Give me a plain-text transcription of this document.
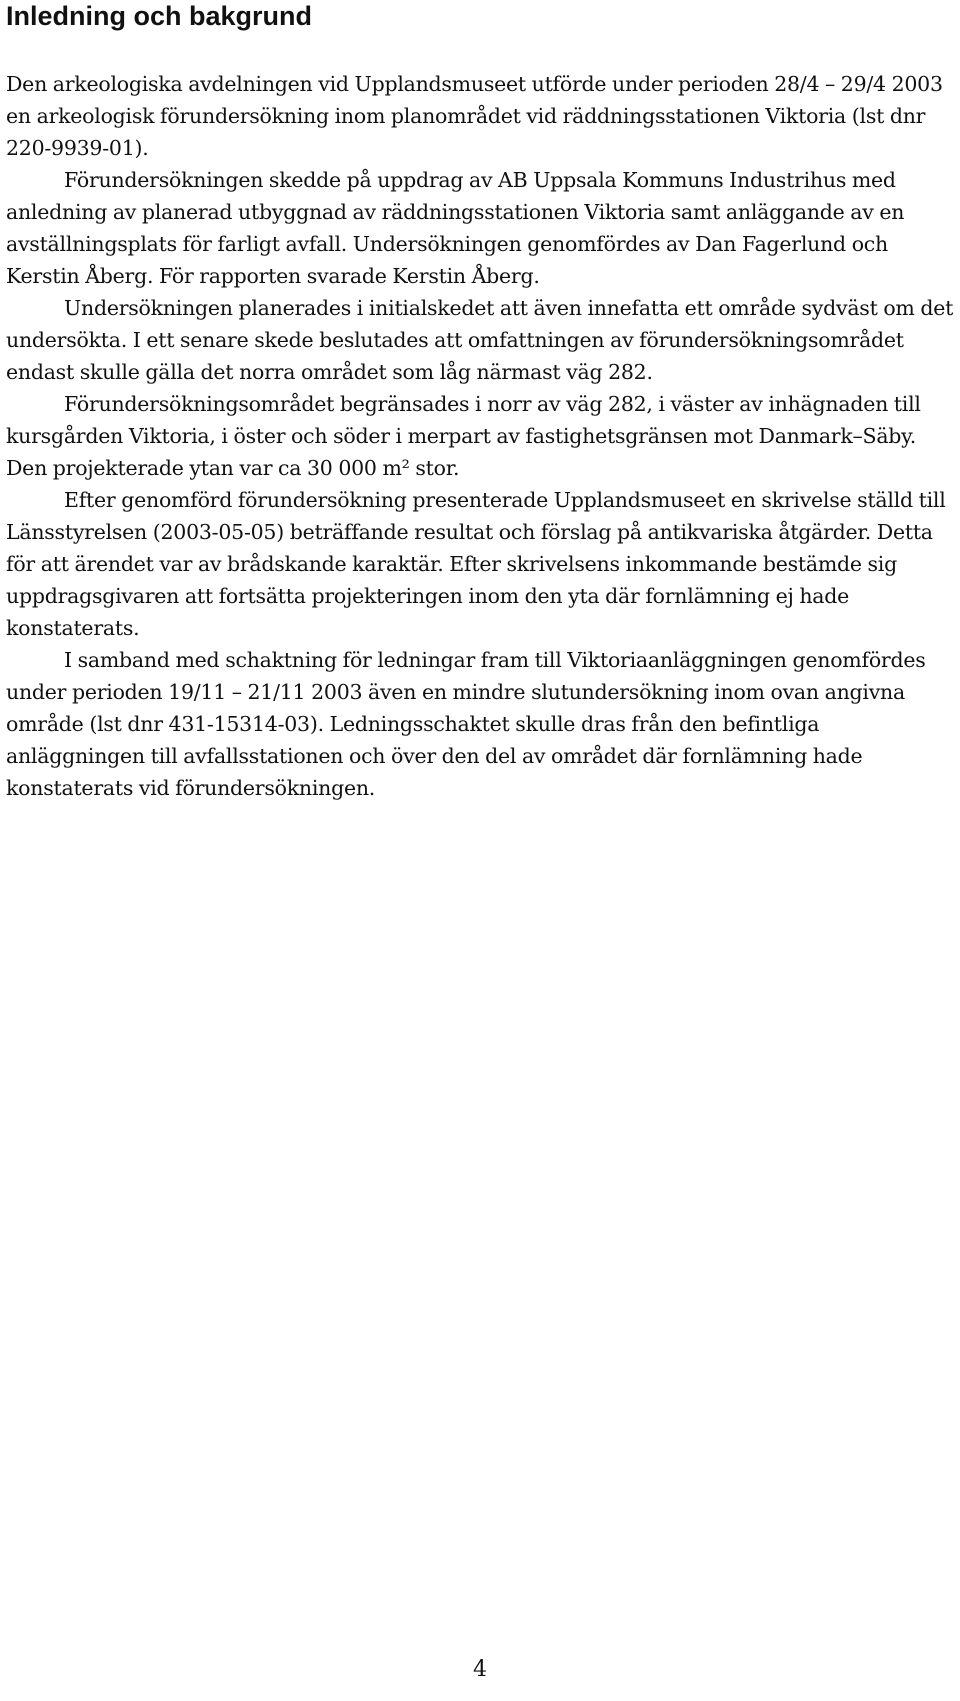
Inledning och bakgrund

Den arkeologiska avdelningen vid Upplandsmuseet utförde under perioden 28/4 – 29/4 2003 en arkeologisk förundersökning inom planområdet vid räddningsstationen Viktoria (lst dnr 220-9939-01).

Förundersökningen skedde på uppdrag av AB Uppsala Kommuns Industrihus med anledning av planerad utbyggnad av räddningsstationen Viktoria samt anläggande av en avställningsplats för farligt avfall. Undersökningen genomfördes av Dan Fagerlund och Kerstin Åberg. För rapporten svarade Kerstin Åberg.

Undersökningen planerades i initialskedet att även innefatta ett område sydväst om det undersökta. I ett senare skede beslutades att omfattningen av förundersökningsområdet endast skulle gälla det norra området som låg närmast väg 282.

Förundersökningsområdet begränsades i norr av väg 282, i väster av inhägnaden till kursgården Viktoria, i öster och söder i merpart av fastighetsgränsen mot Danmark–Säby. Den projekterade ytan var ca 30 000 m² stor.

Efter genomförd förundersökning presenterade Upplandsmuseet en skrivelse ställd till Länsstyrelsen (2003-05-05) beträffande resultat och förslag på antikvariska åtgärder. Detta för att ärendet var av brådskande karaktär. Efter skrivelsens inkommande bestämde sig uppdragsgivaren att fortsätta projekteringen inom den yta där fornlämning ej hade konstaterats.

I samband med schaktning för ledningar fram till Viktoriaanläggningen genomfördes under perioden 19/11 – 21/11 2003 även en mindre slutundersökning inom ovan angivna område (lst dnr 431-15314-03). Ledningsschaktet skulle dras från den befintliga anläggningen till avfallsstationen och över den del av området där fornlämning hade konstaterats vid förundersökningen.

4
